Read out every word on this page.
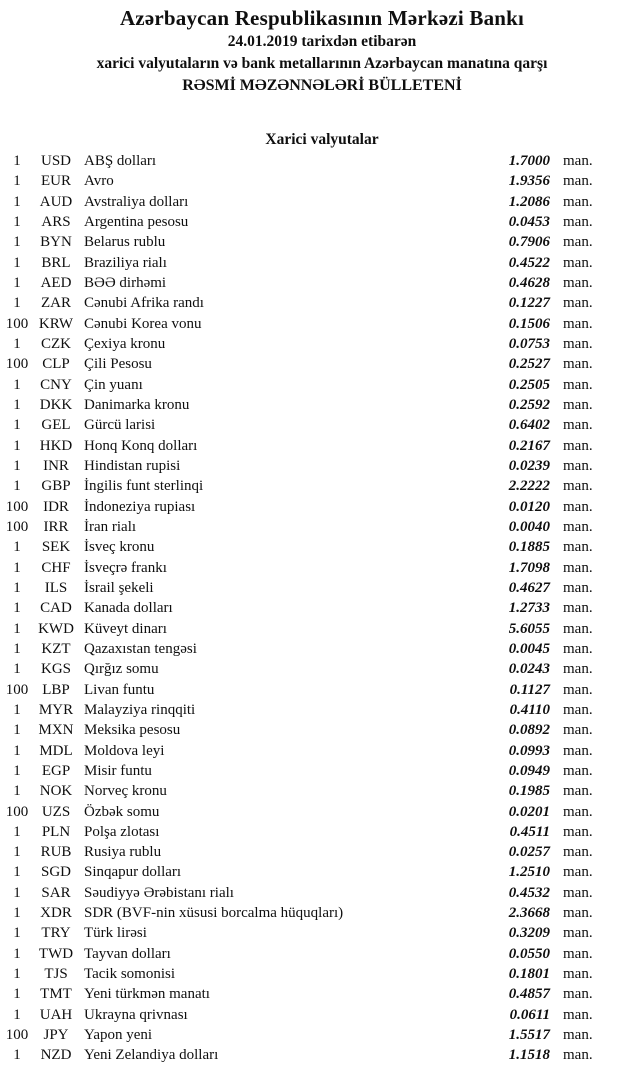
Azərbaycan Respublikasının Mərkəzi Bankı
24.01.2019 tarixdən etibarən
xarici valyutaların və bank metallarının Azərbaycan manatına qarşı
RƏSMİ MƏZƏNNƏLƏRİ BÜLLETENİ
Xarici valyutalar
1	USD ABŞ dolları	1.7000 man.
1	EUR Avro	1.9356 man.
1	AUD Avstraliya dolları	1.2086 man.
1	ARS Argentina pesosu	0.0453 man.
1	BYN Belarus rublu	0.7906 man.
1	BRL Braziliya rialı	0.4522 man.
1	AED BƏƏ dirhəmi	0.4628 man.
1	ZAR Cənubi Afrika randı	0.1227 man.
100 KRW Cənubi Korea vonu	0.1506 man.
1	CZK Çexiya kronu	0.0753 man.
100 CLP Çili Pesosu	0.2527 man.
1	CNY Çin yuanı	0.2505 man.
1	DKK Danimarka kronu	0.2592 man.
1	GEL Gürcü larisi	0.6402 man.
1	HKD Honq Konq dolları	0.2167 man.
1	INR	Hindistan rupisi	0.0239 man.
1	GBP İngilis funt sterlinqi	2.2222 man.
100 IDR	İndoneziya rupiası	0.0120 man.
100	IRR	İran rialı	0.0040 man.
1	SEK İsveç kronu	0.1885 man.
1	CHF İsveçrə frankı	1.7098 man.
1	ILS	İsrail şekeli	0.4627 man.
1	CAD Kanada dolları	1.2733 man.
1	KWD Küveyt dinarı	5.6055 man.
1	KZT Qazaxıstan tengəsi	0.0045 man.
1	KGS Qırğız somu	0.0243 man.
100 LBP Livan funtu	0.1127 man.
1	MYR Malayziya rinqqiti	0.4110 man.
1	MXN Meksika pesosu	0.0892 man.
1	MDL Moldova leyi	0.0993 man.
1	EGP Misir funtu	0.0949 man.
1	NOK Norveç kronu	0.1985 man.
100 UZS Özbək somu	0.0201 man.
1	PLN Polşa zlotası	0.4511 man.
1	RUB Rusiya rublu	0.0257 man.
1	SGD Sinqapur dolları	1.2510 man.
1	SAR Səudiyyə Ərəbistanı rialı	0.4532 man.
1	XDR SDR (BVF-nin xüsusi borcalma hüquqları)	2.3668 man.
1	TRY Türk lirəsi	0.3209 man.
1	TWD Tayvan dolları	0.0550 man.
1	TJS	Tacik somonisi	0.1801 man.
1	TMT Yeni türkmən manatı	0.4857 man.
1	UAH Ukrayna qrivnası	0.0611 man.
100	JPY	Yapon yeni	1.5517 man.
1	NZD Yeni Zelandiya dolları	1.1518 man.
